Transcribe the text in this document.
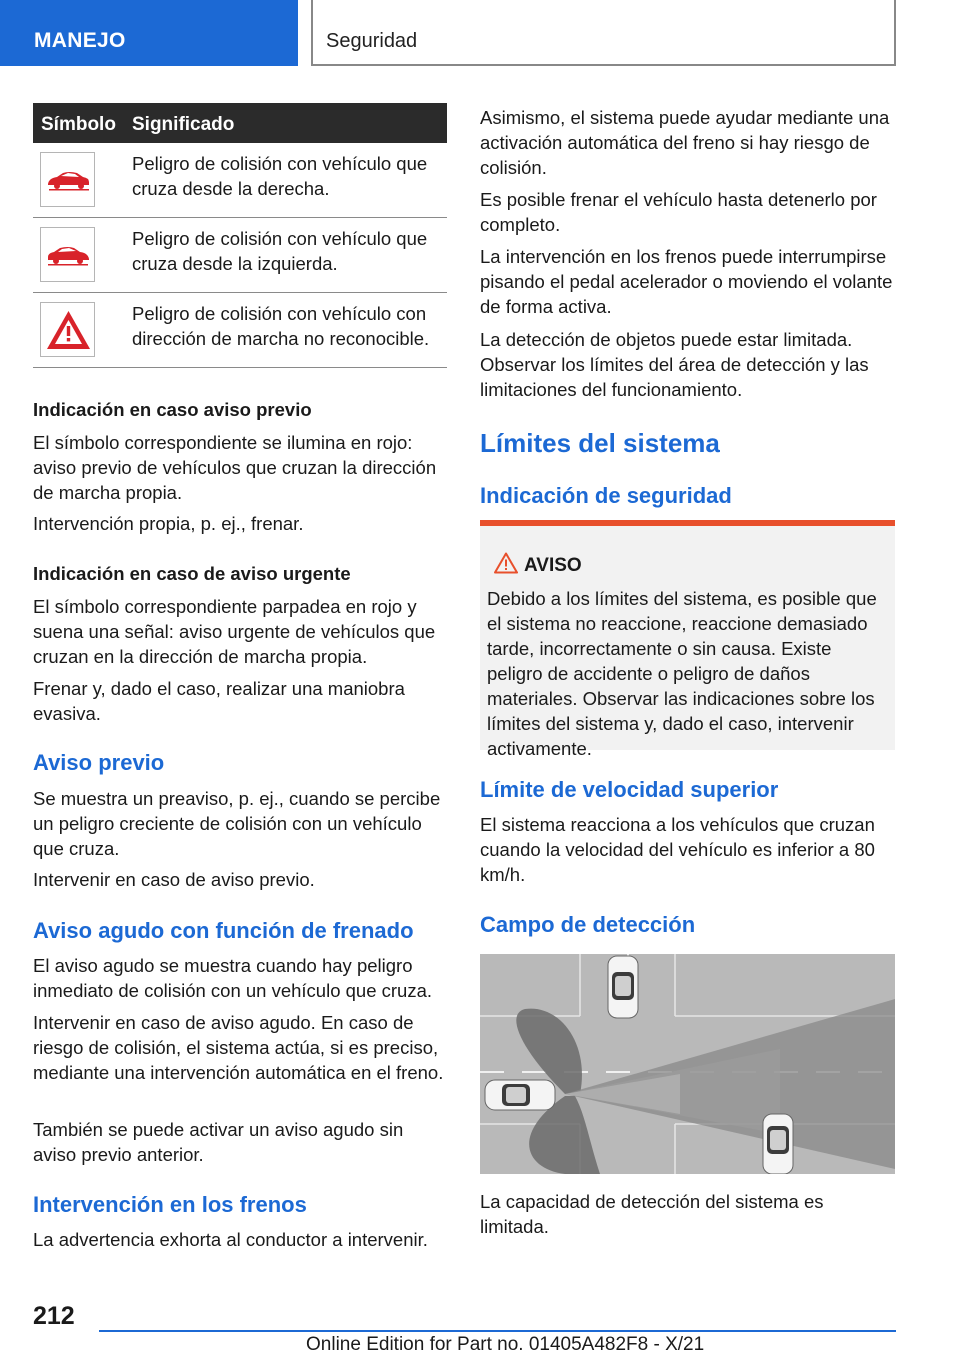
MANEJO	Seguridad
Símbolo Significado
Peligro de colisión con vehículo que cruza desde la derecha.
Peligro de colisión con vehículo que cruza desde la izquierda.
Peligro de colisión con vehículo con dirección de marcha no reconocible.
Indicación en caso aviso previo
El símbolo correspondiente se ilumina en rojo: aviso previo de vehículos que cruzan la dirección de marcha propia.
Intervención propia, p. ej., frenar.
Indicación en caso de aviso urgente
El símbolo correspondiente parpadea en rojo y suena una señal: aviso urgente de vehículos que cruzan en la dirección de marcha propia.
Frenar y, dado el caso, realizar una maniobra evasiva.
Aviso previo
Se muestra un preaviso, p. ej., cuando se percibe un peligro creciente de colisión con un vehículo que cruza.
Intervenir en caso de aviso previo.
Aviso agudo con función de frenado
El aviso agudo se muestra cuando hay peligro inmediato de colisión con un vehículo que cruza.
Intervenir en caso de aviso agudo. En caso de riesgo de colisión, el sistema actúa, si es preciso, mediante una intervención automática en el freno.
También se puede activar un aviso agudo sin aviso previo anterior.
Intervención en los frenos
La advertencia exhorta al conductor a intervenir.
Asimismo, el sistema puede ayudar mediante una activación automática del freno si hay riesgo de colisión.
Es posible frenar el vehículo hasta detenerlo por completo.
La intervención en los frenos puede interrumpirse pisando el pedal acelerador o moviendo el volante de forma activa.
La detección de objetos puede estar limitada. Observar los límites del área de detección y las limitaciones del funcionamiento.
Límites del sistema
Indicación de seguridad
AVISO
Debido a los límites del sistema, es posible que el sistema no reaccione, reaccione demasiado tarde, incorrectamente o sin causa. Existe peligro de accidente o peligro de daños materiales. Observar las indicaciones sobre los límites del sistema y, dado el caso, intervenir activamente.
Límite de velocidad superior
El sistema reacciona a los vehículos que cruzan cuando la velocidad del vehículo es inferior a 80 km/h.
Campo de detección
La capacidad de detección del sistema es limitada.
212
Online Edition for Part no. 01405A482F8 - X/21
